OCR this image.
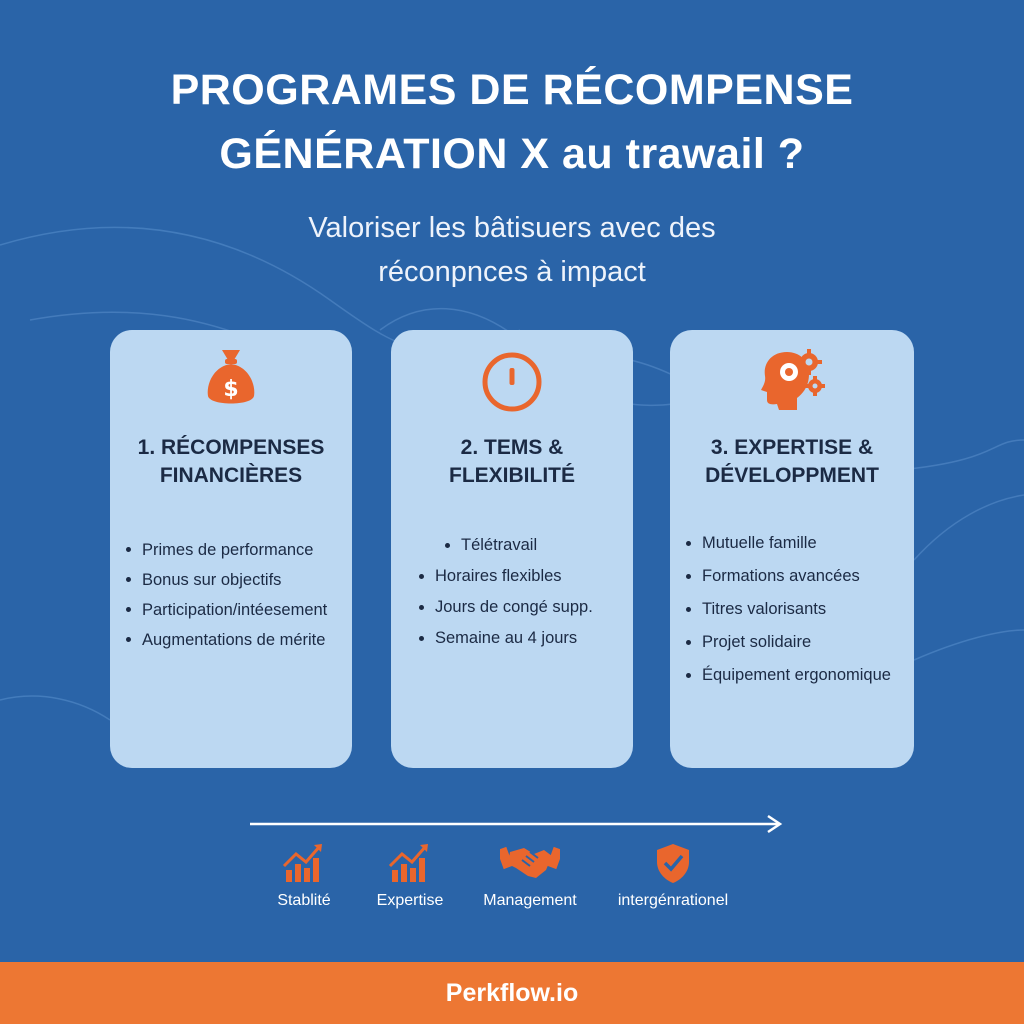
PROGRAMES DE RÉCOMPENSE
GÉNÉRATION X au trawail ?
Valoriser les bâtisuers avec des
réconpnces à impact
$
1. RÉCOMPENSES
FINANCIÈRES
Primes de performance
Bonus sur objectifs
Participation/intéesement
Augmentations de mérite
2. TEMS &
FLEXIBILITÉ
Télétravail
Horaires flexibles
Jours de congé supp.
Semaine au 4 jours
3. EXPERTISE &
DÉVELOPPMENT
Mutuelle famille
Formations avancées
Titres valorisants
Projet solidaire
Équipement ergonomique
Stablité	Expertise	Management	intergénrationel
Perkflow.io
